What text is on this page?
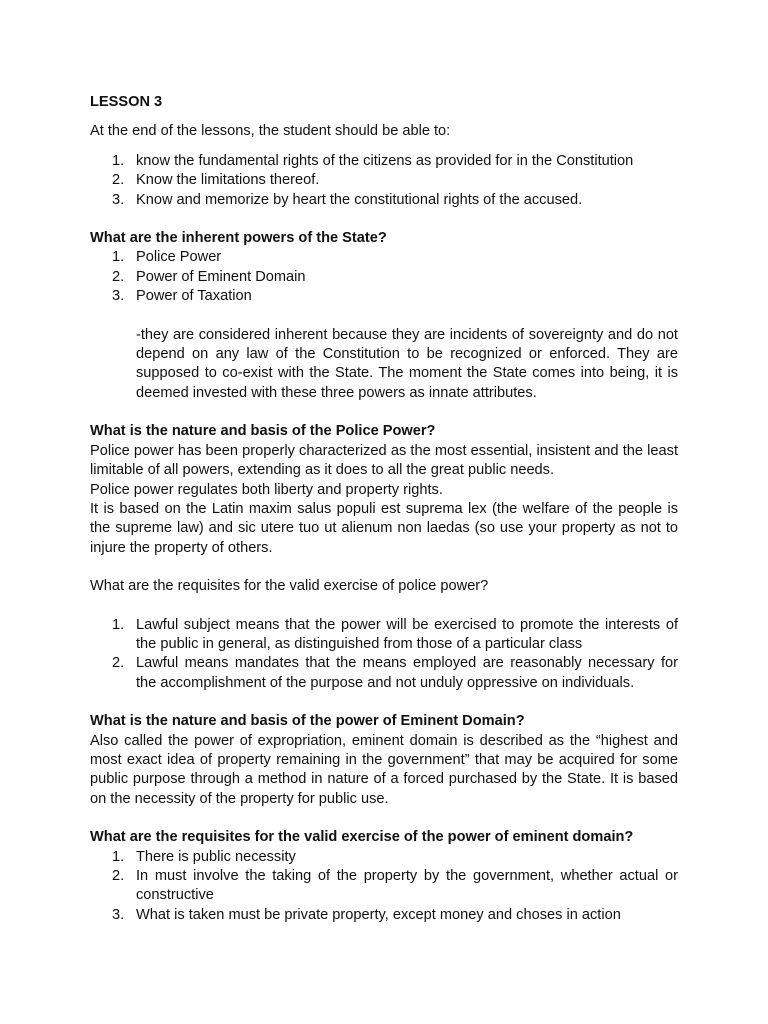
LESSON 3

At the end of the lessons, the student should be able to:

1. know the fundamental rights of the citizens as provided for in the Constitution
2. Know the limitations thereof.
3. Know and memorize by heart the constitutional rights of the accused.

What are the inherent powers of the State?

1. Police Power
2. Power of Eminent Domain
3. Power of Taxation

-they are considered inherent because they are incidents of sovereignty and do not depend on any law of the Constitution to be recognized or enforced. They are supposed to co-exist with the State. The moment the State comes into being, it is deemed invested with these three powers as innate attributes.

What is the nature and basis of the Police Power?

Police power has been properly characterized as the most essential, insistent and the least limitable of all powers, extending as it does to all the great public needs.

Police power regulates both liberty and property rights.

It is based on the Latin maxim salus populi est suprema lex (the welfare of the people is the supreme law) and sic utere tuo ut alienum non laedas (so use your property as not to injure the property of others.

What are the requisites for the valid exercise of police power?

1. Lawful subject means that the power will be exercised to promote the interests of the public in general, as distinguished from those of a particular class
2. Lawful means mandates that the means employed are reasonably necessary for the accomplishment of the purpose and not unduly oppressive on individuals.

What is the nature and basis of the power of Eminent Domain?

Also called the power of expropriation, eminent domain is described as the “highest and most exact idea of property remaining in the government” that may be acquired for some public purpose through a method in nature of a forced purchased by the State. It is based on the necessity of the property for public use.

What are the requisites for the valid exercise of the power of eminent domain?

1. There is public necessity
2. In must involve the taking of the property by the government, whether actual or constructive
3. What is taken must be private property, except money and choses in action
